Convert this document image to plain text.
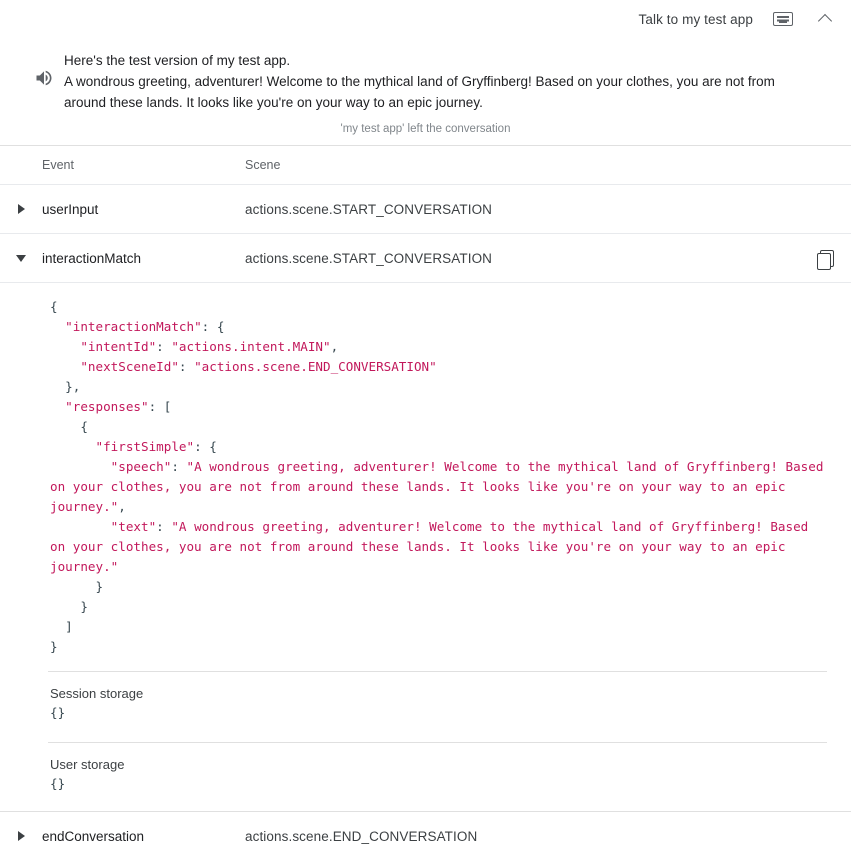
Talk to my test app
Here's the test version of my test app.
A wondrous greeting, adventurer! Welcome to the mythical land of Gryffinberg! Based on your clothes, you are not from around these lands. It looks like you're on your way to an epic journey.
'my test app' left the conversation
Event	Scene
userInput	actions.scene.START_CONVERSATION
interactionMatch	actions.scene.START_CONVERSATION
{
"interactionMatch": {
"intentId": "actions.intent.MAIN",
"nextSceneId": "actions.scene.END_CONVERSATION"
},
"responses": [
{
"firstSimple": {
"speech": "A wondrous greeting, adventurer! Welcome to the mythical land of Gryffinberg! Based on your clothes, you are not from around these lands. It looks like you're on your way to an epic journey.",
"text": "A wondrous greeting, adventurer! Welcome to the mythical land of Gryffinberg! Based on your clothes, you are not from around these lands. It looks like you're on your way to an epic journey."
}
}
]
}
Session storage
{}
User storage
{}
endConversation	actions.scene.END_CONVERSATION
